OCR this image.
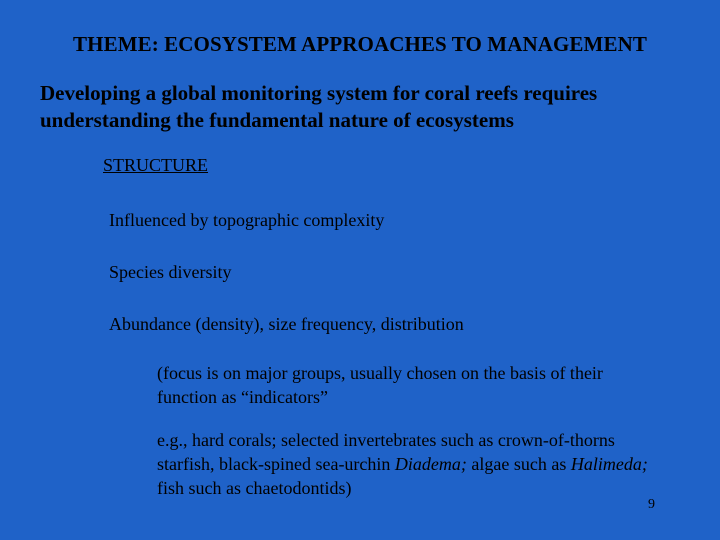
THEME: ECOSYSTEM APPROACHES TO MANAGEMENT
Developing a global monitoring system for coral reefs requires
understanding the fundamental nature of ecosystems
STRUCTURE
Influenced by topographic complexity
Species diversity
Abundance (density), size frequency, distribution
(focus is on major groups, usually chosen on the basis of their
function as “indicators”
e.g., hard corals; selected invertebrates such as crown-of-thorns
starfish, black-spined sea-urchin Diadema; algae such as Halimeda;
fish such as chaetodontids)
9
